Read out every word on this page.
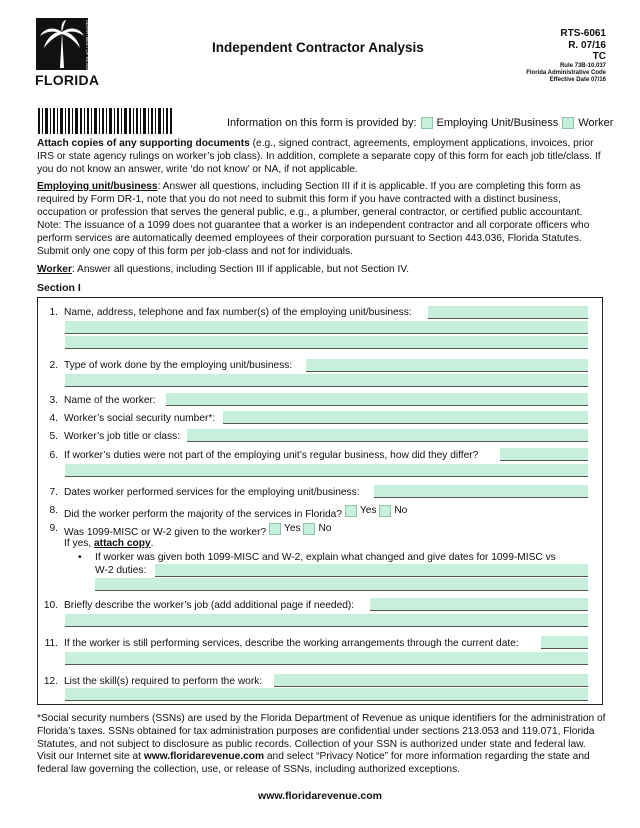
DEPARTMENT OF REVENUE
FLORIDA
Independent Contractor Analysis
RTS-6061
R. 07/16
TC
Rule 73B-10.037
Florida Administrative Code
Effective Date 07/16
Information on this form is provided by: Employing Unit/Business Worker
Attach copies of any supporting documents (e.g., signed contract, agreements, employment applications, invoices, prior IRS or state agency rulings on worker’s job class). In addition, complete a separate copy of this form for each job title/class. If you do not know an answer, write ‘do not know’ or NA, if not applicable.
Employing unit/business: Answer all questions, including Section III if it is applicable. If you are completing this form as required by Form DR-1, note that you do not need to submit this form if you have contracted with a distinct business, occupation or profession that serves the general public, e.g., a plumber, general contractor, or certified public accountant. Note: The issuance of a 1099 does not guarantee that a worker is an independent contractor and all corporate officers who perform services are automatically deemed employees of their corporation pursuant to Section 443.036, Florida Statutes. Submit only one copy of this form per job-class and not for individuals.
Worker: Answer all questions, including Section III if applicable, but not Section IV.
Section I
1. Name, address, telephone and fax number(s) of the employing unit/business:
2. Type of work done by the employing unit/business:
3. Name of the worker:
4. Worker’s social security number*:
5. Worker’s job title or class:
6. If worker’s duties were not part of the employing unit’s regular business, how did they differ?
7. Dates worker performed services for the employing unit/business:
8. Did the worker perform the majority of the services in Florida? Yes
No
9. Was 1099-MISC or W-2 given to the worker? Yes
No
If yes, attach copy.
• If worker was given both 1099-MISC and W-2, explain what changed and give dates for 1099-MISC vs
W-2 duties:
10. Briefly describe the worker’s job (add additional page if needed):
11. If the worker is still performing services, describe the working arrangements through the current date:
12. List the skill(s) required to perform the work:
*Social security numbers (SSNs) are used by the Florida Department of Revenue as unique identifiers for the administration of Florida’s taxes. SSNs obtained for tax administration purposes are confidential under sections 213.053 and 119.071, Florida Statutes, and not subject to disclosure as public records. Collection of your SSN is authorized under state and federal law. Visit our Internet site at www.floridarevenue.com and select “Privacy Notice” for more information regarding the state and federal law governing the collection, use, or release of SSNs, including authorized exceptions.
www.floridarevenue.com
